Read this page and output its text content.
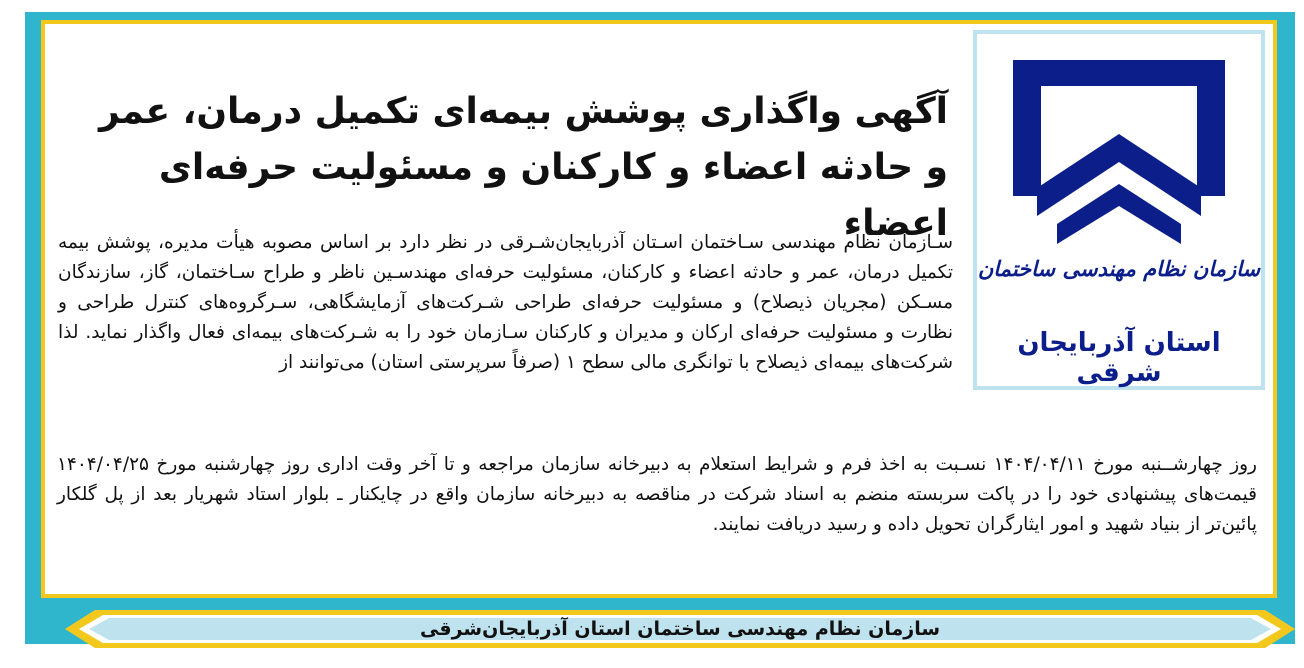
سازمان نظام مهندسی ساختمان
استان آذربایجان شرقی
آگهی واگذاری پوشش بیمه‌ای تکمیل درمان، عمر
و حادثه اعضاء و کارکنان و مسئولیت حرفه‌ای اعضاء

سـازمان نظام مهندسی سـاختمان اسـتان آذربایجان‌شـرقی در نظر دارد بر اساس مصوبه هیأت مدیره، پوشش بیمه تکمیل درمان، عمر و حادثه اعضاء و کارکنان، مسئولیت حرفه‌ای مهندسـین ناظر و طراح سـاختمان، گاز، سازندگان مسـکن (مجریان ذیصلاح) و مسئولیت حرفه‌ای طراحی شـرکت‌های آزمایشگاهی، سـرگروه‌های کنترل طراحی و نظارت و مسئولیت حرفه‌ای ارکان و مدیران و کارکنان سـازمان خود را به شـرکت‌های بیمه‌ای فعال واگذار نماید. لذا شرکت‌های بیمه‌ای ذیصلاح با توانگری مالی سطح ۱ (صرفاً سرپرستی استان) می‌توانند از

روز چهارشــنبه مورخ ۱۴۰۴/۰۴/۱۱ نسـبت به اخذ فرم و شرایط استعلام به دبیرخانه سازمان مراجعه و تا آخر وقت اداری روز چهارشنبه مورخ ۱۴۰۴/۰۴/۲۵ قیمت‌های پیشنهادی خود را در پاکت سربسته منضم به اسناد شرکت در مناقصه به دبیرخانه سازمان واقع در چایکنار ـ بلوار استاد شهریار بعد از پل گلکار پائین‌تر از بنیاد شهید و امور ایثارگران تحویل داده و رسید دریافت نمایند.

سازمان نظام مهندسی ساختمان استان آذربایجان‌شرقی
